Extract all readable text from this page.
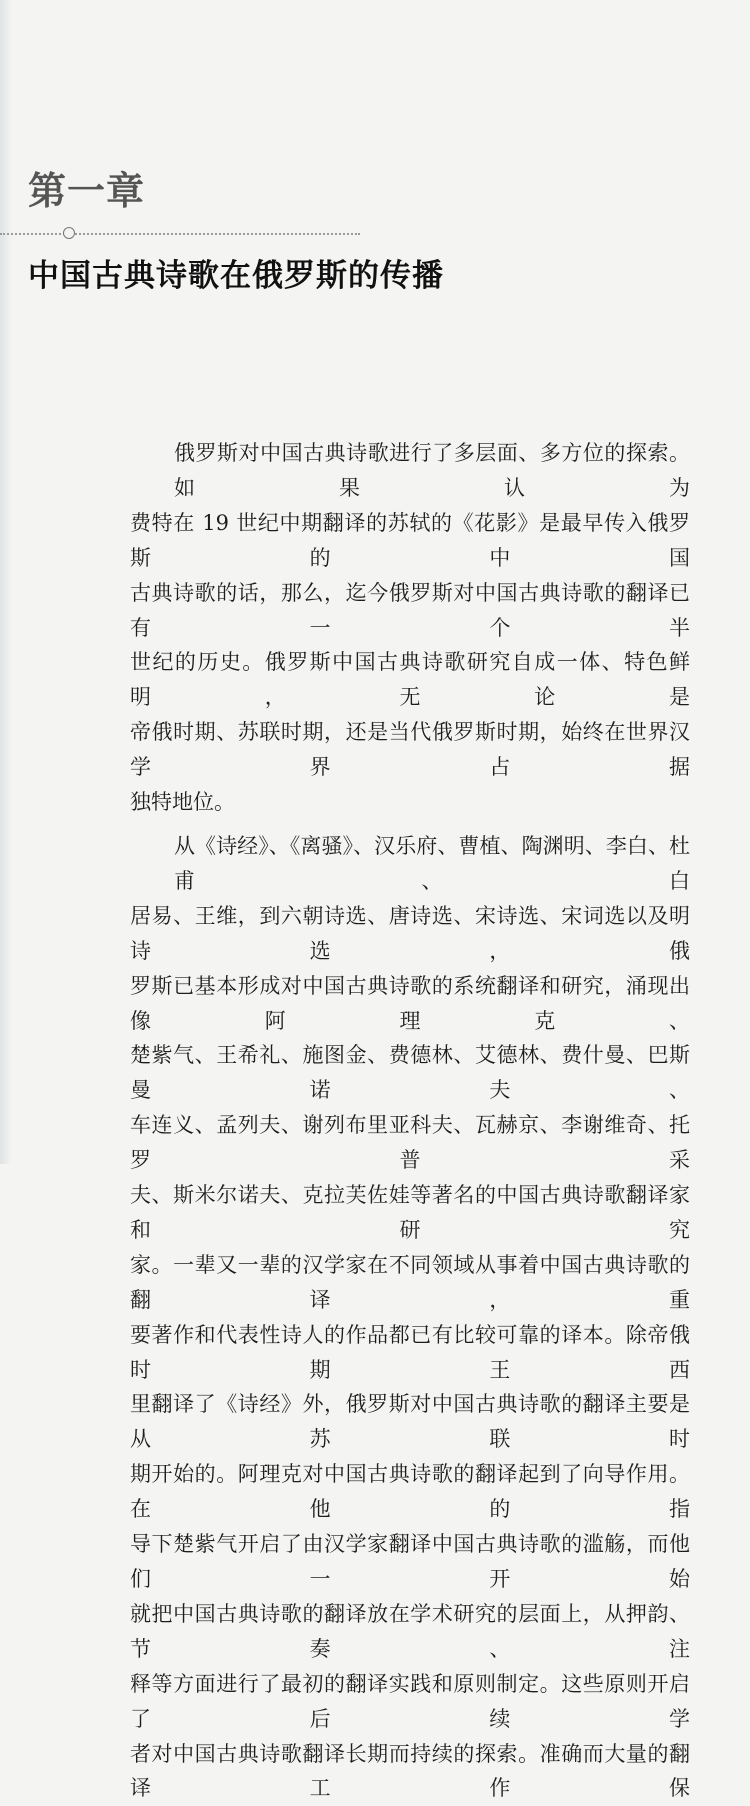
第一章
中国古典诗歌在俄罗斯的传播

俄罗斯对中国古典诗歌进行了多层面、多方位的探索。如果认为
费特在 19 世纪中期翻译的苏轼的《花影》是最早传入俄罗斯的中国
古典诗歌的话，那么，迄今俄罗斯对中国古典诗歌的翻译已有一个半
世纪的历史。俄罗斯中国古典诗歌研究自成一体、特色鲜明，无论是
帝俄时期、苏联时期，还是当代俄罗斯时期，始终在世界汉学界占据
独特地位。

从《诗经》、《离骚》、汉乐府、曹植、陶渊明、李白、杜甫、白
居易、王维，到六朝诗选、唐诗选、宋诗选、宋词选以及明诗选，俄
罗斯已基本形成对中国古典诗歌的系统翻译和研究，涌现出像阿理克、
楚紫气、王希礼、施图金、费德林、艾德林、费什曼、巴斯曼诺夫、
车连义、孟列夫、谢列布里亚科夫、瓦赫京、李谢维奇、托罗普采
夫、斯米尔诺夫、克拉芙佐娃等著名的中国古典诗歌翻译家和研究
家。一辈又一辈的汉学家在不同领域从事着中国古典诗歌的翻译，重
要著作和代表性诗人的作品都已有比较可靠的译本。除帝俄时期王西
里翻译了《诗经》外，俄罗斯对中国古典诗歌的翻译主要是从苏联时
期开始的。阿理克对中国古典诗歌的翻译起到了向导作用。在他的指
导下楚紫气开启了由汉学家翻译中国古典诗歌的滥觞，而他们一开始
就把中国古典诗歌的翻译放在学术研究的层面上，从押韵、节奏、注
释等方面进行了最初的翻译实践和原则制定。这些原则开启了后续学
者对中国古典诗歌翻译长期而持续的探索。准确而大量的翻译工作保
